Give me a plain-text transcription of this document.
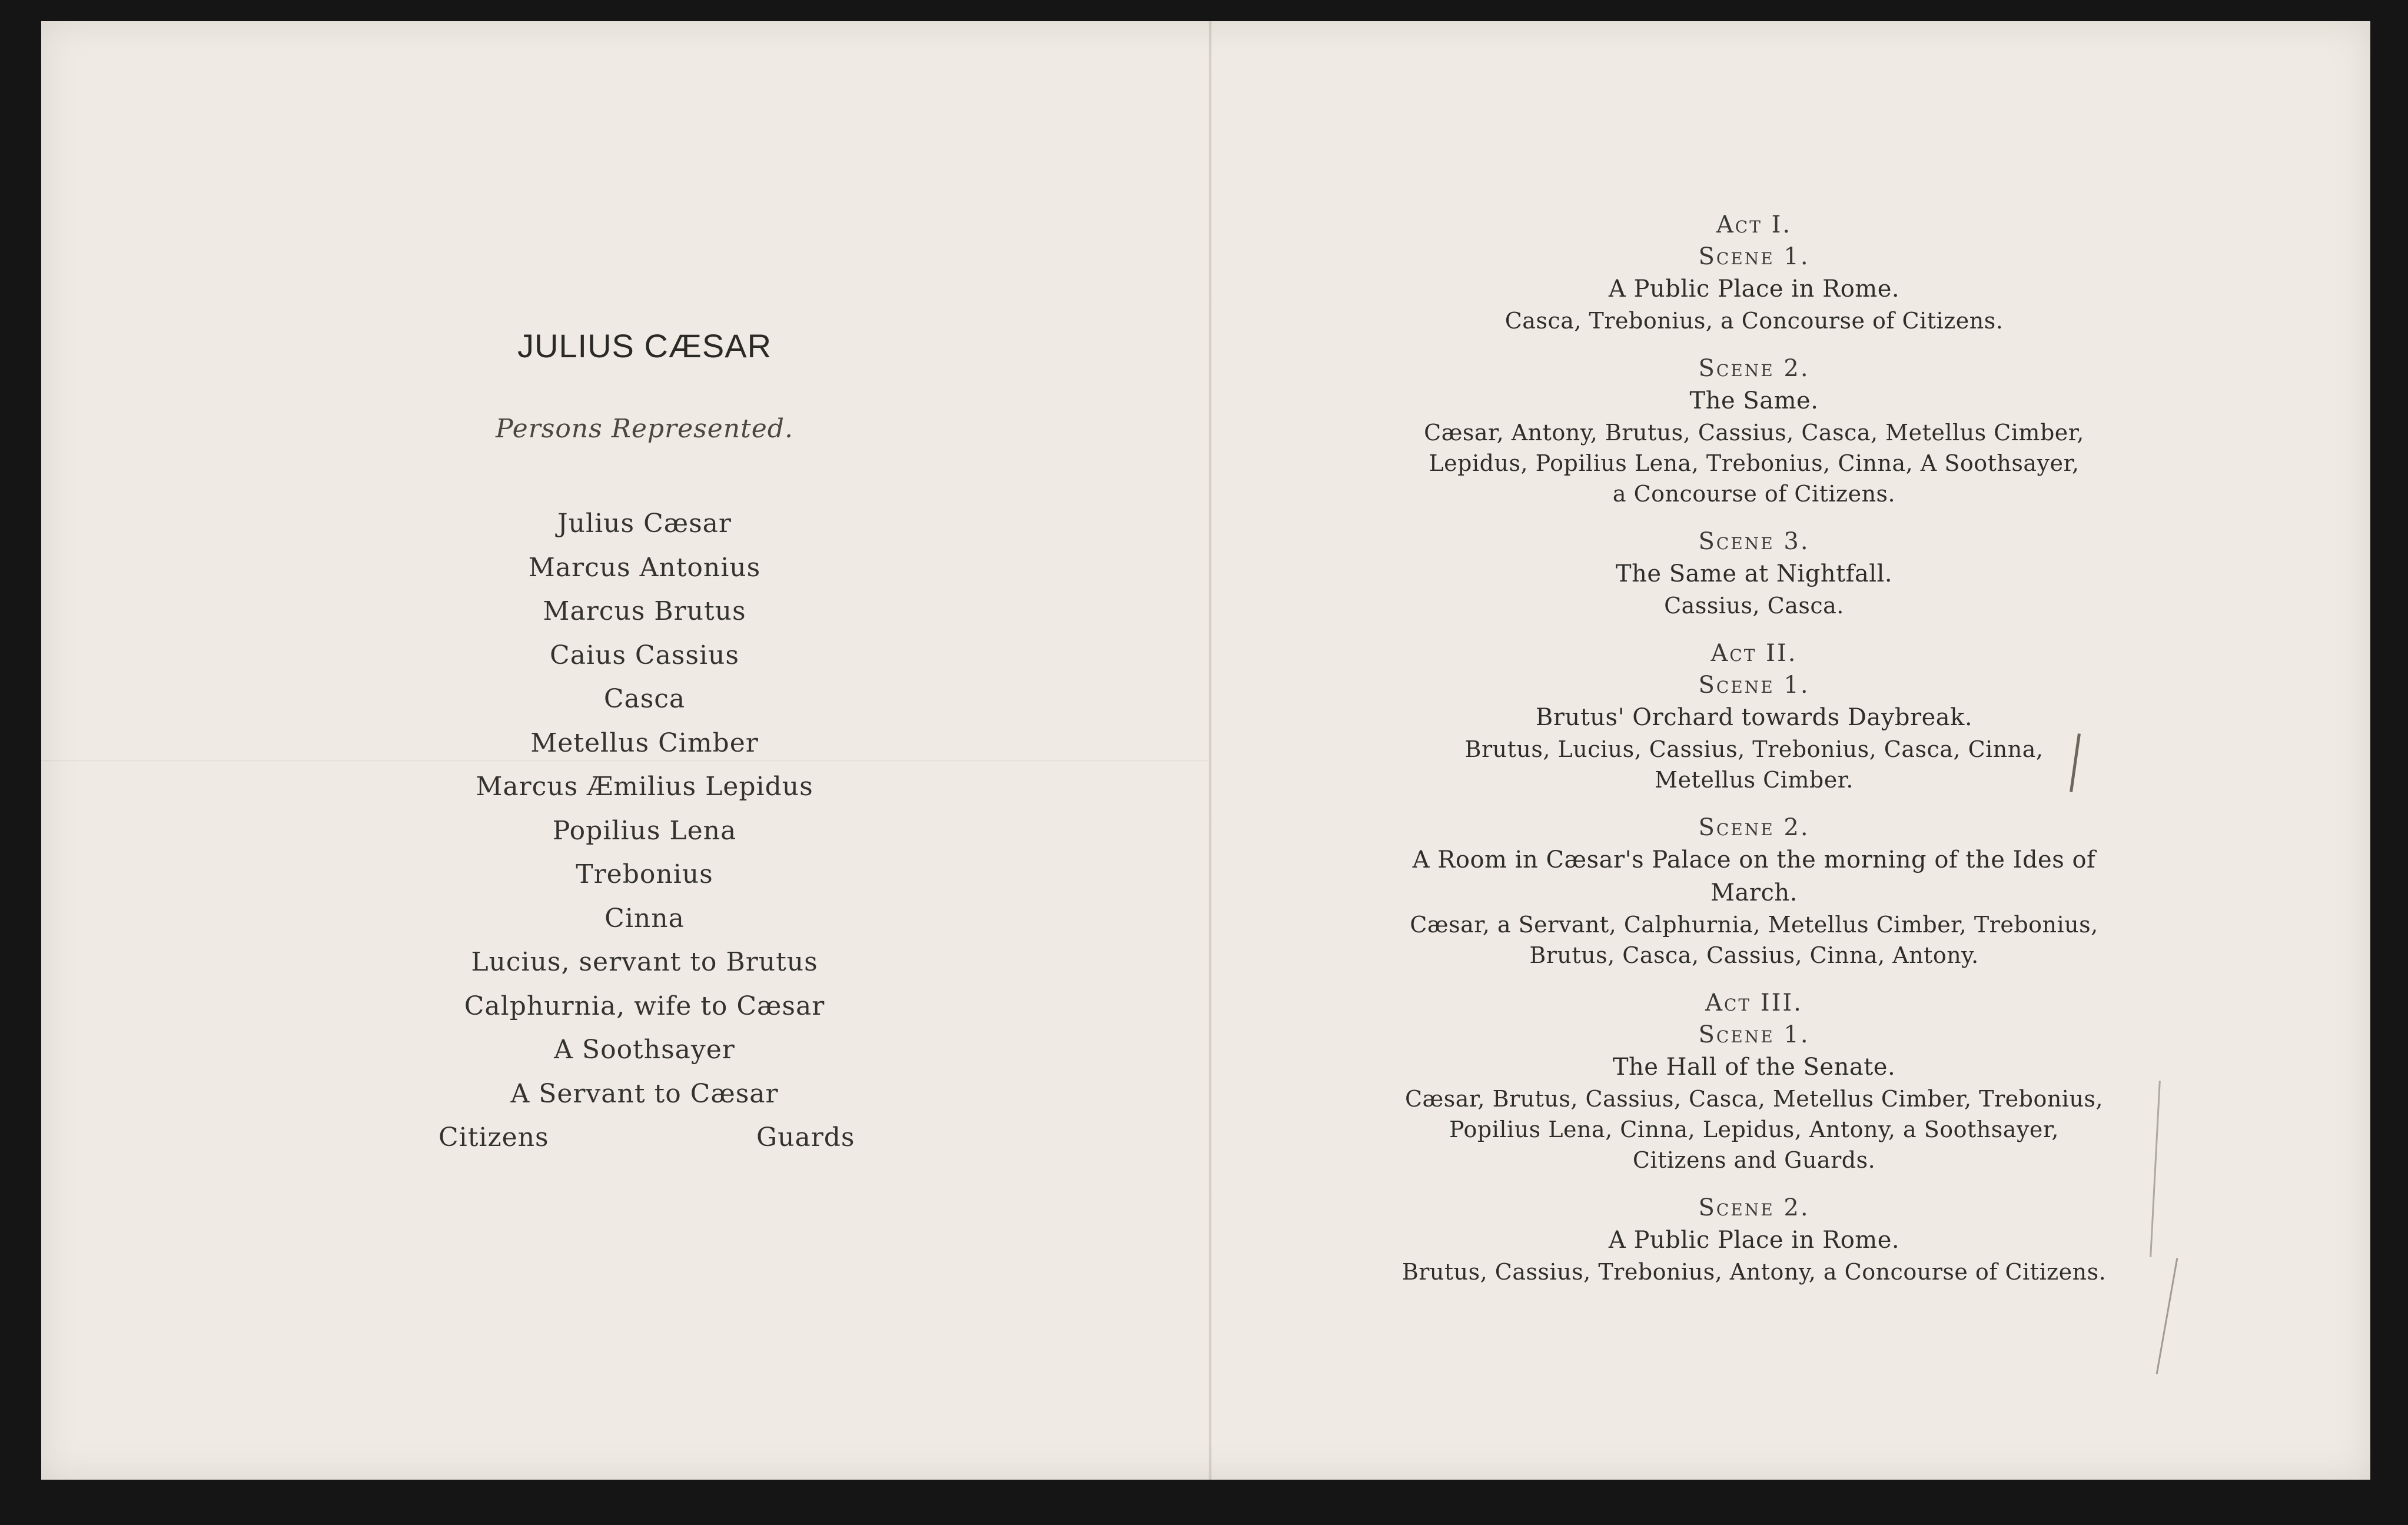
JULIUS CÆSAR
Persons Represented.
Julius Cæsar
Marcus Antonius
Marcus Brutus
Caius Cassius
Casca
Metellus Cimber
Marcus Æmilius Lepidus
Popilius Lena
Trebonius
Cinna
Lucius, servant to Brutus
Calphurnia, wife to Cæsar
A Soothsayer
A Servant to Cæsar
Citizens	Guards
Act I.
Scene 1.
A Public Place in Rome.
Casca, Trebonius, a Concourse of Citizens.
Scene 2.
The Same.
Cæsar, Antony, Brutus, Cassius, Casca, Metellus Cimber,
Lepidus, Popilius Lena, Trebonius, Cinna, A Soothsayer,
a Concourse of Citizens.
Scene 3.
The Same at Nightfall.
Cassius, Casca.
Act II.
Scene 1.
Brutus' Orchard towards Daybreak.
Brutus, Lucius, Cassius, Trebonius, Casca, Cinna,
Metellus Cimber.
Scene 2.
A Room in Cæsar's Palace on the morning of the Ides of
March.
Cæsar, a Servant, Calphurnia, Metellus Cimber, Trebonius,
Brutus, Casca, Cassius, Cinna, Antony.
Act III.
Scene 1.
The Hall of the Senate.
Cæsar, Brutus, Cassius, Casca, Metellus Cimber, Trebonius,
Popilius Lena, Cinna, Lepidus, Antony, a Soothsayer,
Citizens and Guards.
Scene 2.
A Public Place in Rome.
Brutus, Cassius, Trebonius, Antony, a Concourse of Citizens.
